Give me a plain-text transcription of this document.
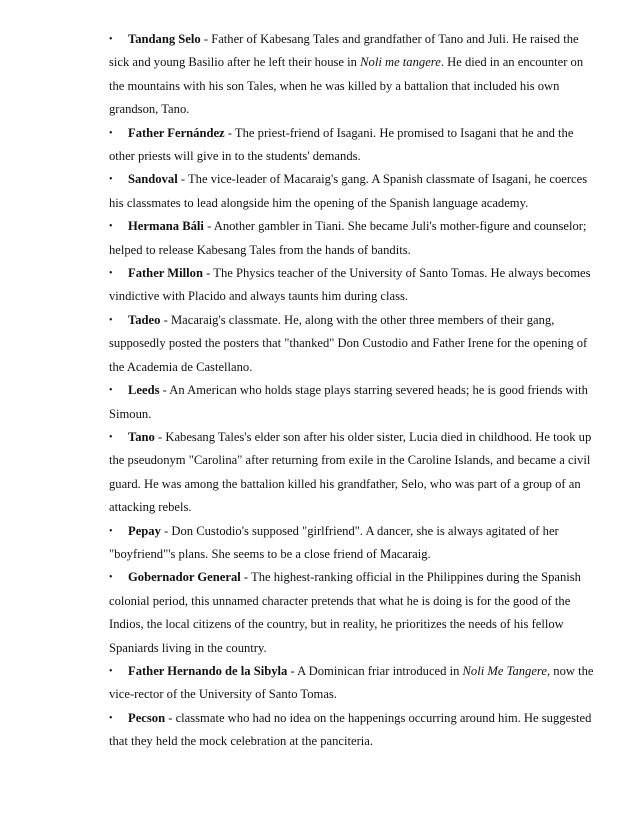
• Tandang Selo - Father of Kabesang Tales and grandfather of Tano and Juli. He raised the sick and young Basilio after he left their house in Noli me tangere. He died in an encounter on the mountains with his son Tales, when he was killed by a battalion that included his own grandson, Tano.

• Father Fernández - The priest-friend of Isagani. He promised to Isagani that he and the other priests will give in to the students' demands.

• Sandoval - The vice-leader of Macaraig's gang. A Spanish classmate of Isagani, he coerces his classmates to lead alongside him the opening of the Spanish language academy.

• Hermana Báli - Another gambler in Tiani. She became Juli's mother-figure and counselor; helped to release Kabesang Tales from the hands of bandits.

• Father Millon - The Physics teacher of the University of Santo Tomas. He always becomes vindictive with Placido and always taunts him during class.

• Tadeo - Macaraig's classmate. He, along with the other three members of their gang, supposedly posted the posters that "thanked" Don Custodio and Father Irene for the opening of the Academia de Castellano.

• Leeds - An American who holds stage plays starring severed heads; he is good friends with Simoun.

• Tano - Kabesang Tales's elder son after his older sister, Lucia died in childhood. He took up the pseudonym "Carolina" after returning from exile in the Caroline Islands, and became a civil guard. He was among the battalion killed his grandfather, Selo, who was part of a group of an attacking rebels.

• Pepay - Don Custodio's supposed "girlfriend". A dancer, she is always agitated of her "boyfriend"'s plans. She seems to be a close friend of Macaraig.

• Gobernador General - The highest-ranking official in the Philippines during the Spanish colonial period, this unnamed character pretends that what he is doing is for the good of the Indios, the local citizens of the country, but in reality, he prioritizes the needs of his fellow Spaniards living in the country.

• Father Hernando de la Sibyla - A Dominican friar introduced in Noli Me Tangere, now the vice-rector of the University of Santo Tomas.

• Pecson - classmate who had no idea on the happenings occurring around him. He suggested that they held the mock celebration at the panciteria.
